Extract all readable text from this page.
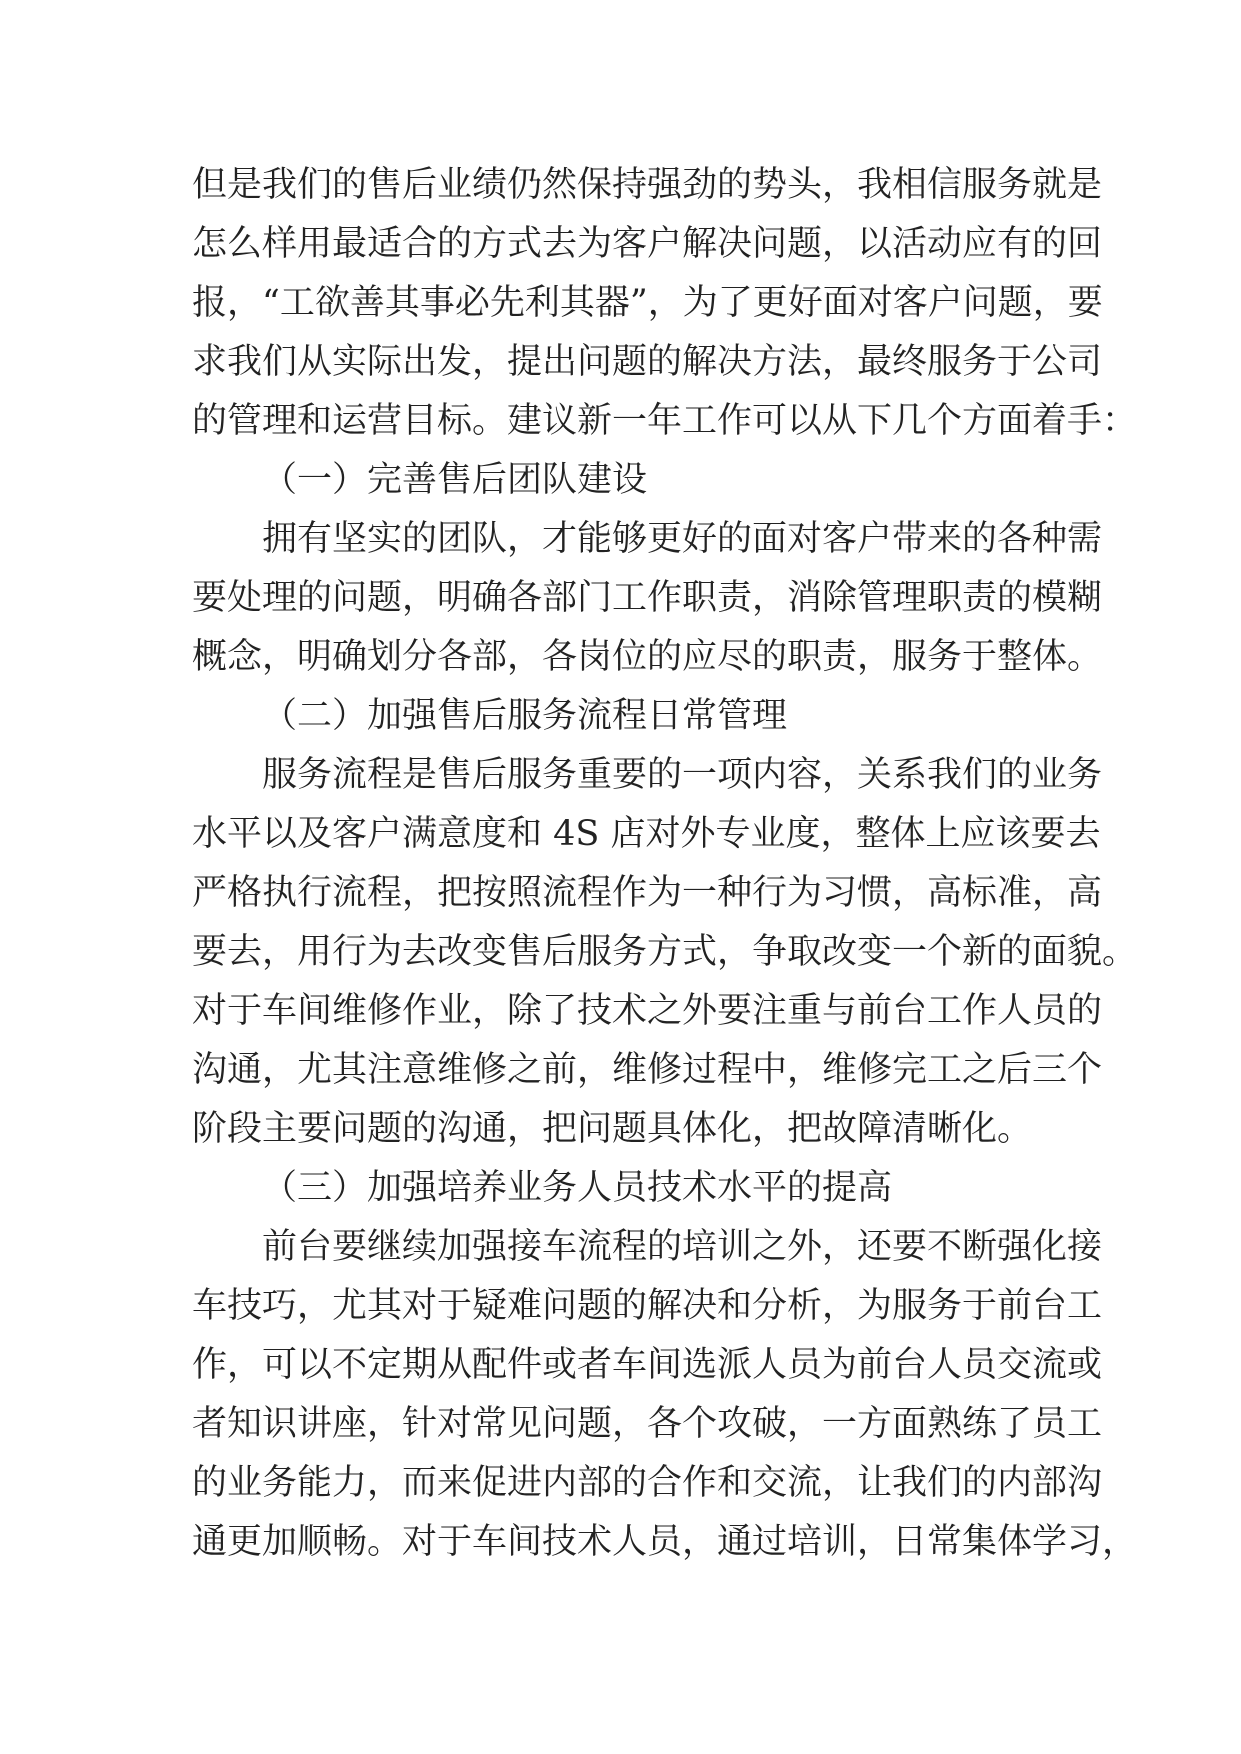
但是我们的售后业绩仍然保持强劲的势头，我相信服务就是
怎么样用最适合的方式去为客户解决问题，以活动应有的回
报，“工欲善其事必先利其器”，为了更好面对客户问题，要
求我们从实际出发，提出问题的解决方法，最终服务于公司
的管理和运营目标。建议新一年工作可以从下几个方面着手：
（一）完善售后团队建设
拥有坚实的团队，才能够更好的面对客户带来的各种需
要处理的问题，明确各部门工作职责，消除管理职责的模糊
概念，明确划分各部，各岗位的应尽的职责，服务于整体。
（二）加强售后服务流程日常管理
服务流程是售后服务重要的一项内容，关系我们的业务
水平以及客户满意度和 4S 店对外专业度，整体上应该要去
严格执行流程，把按照流程作为一种行为习惯，高标准，高
要去，用行为去改变售后服务方式，争取改变一个新的面貌。
对于车间维修作业，除了技术之外要注重与前台工作人员的
沟通，尤其注意维修之前，维修过程中，维修完工之后三个
阶段主要问题的沟通，把问题具体化，把故障清晰化。
（三）加强培养业务人员技术水平的提高
前台要继续加强接车流程的培训之外，还要不断强化接
车技巧，尤其对于疑难问题的解决和分析，为服务于前台工
作，可以不定期从配件或者车间选派人员为前台人员交流或
者知识讲座，针对常见问题，各个攻破，一方面熟练了员工
的业务能力，而来促进内部的合作和交流，让我们的内部沟
通更加顺畅。对于车间技术人员，通过培训，日常集体学习，
